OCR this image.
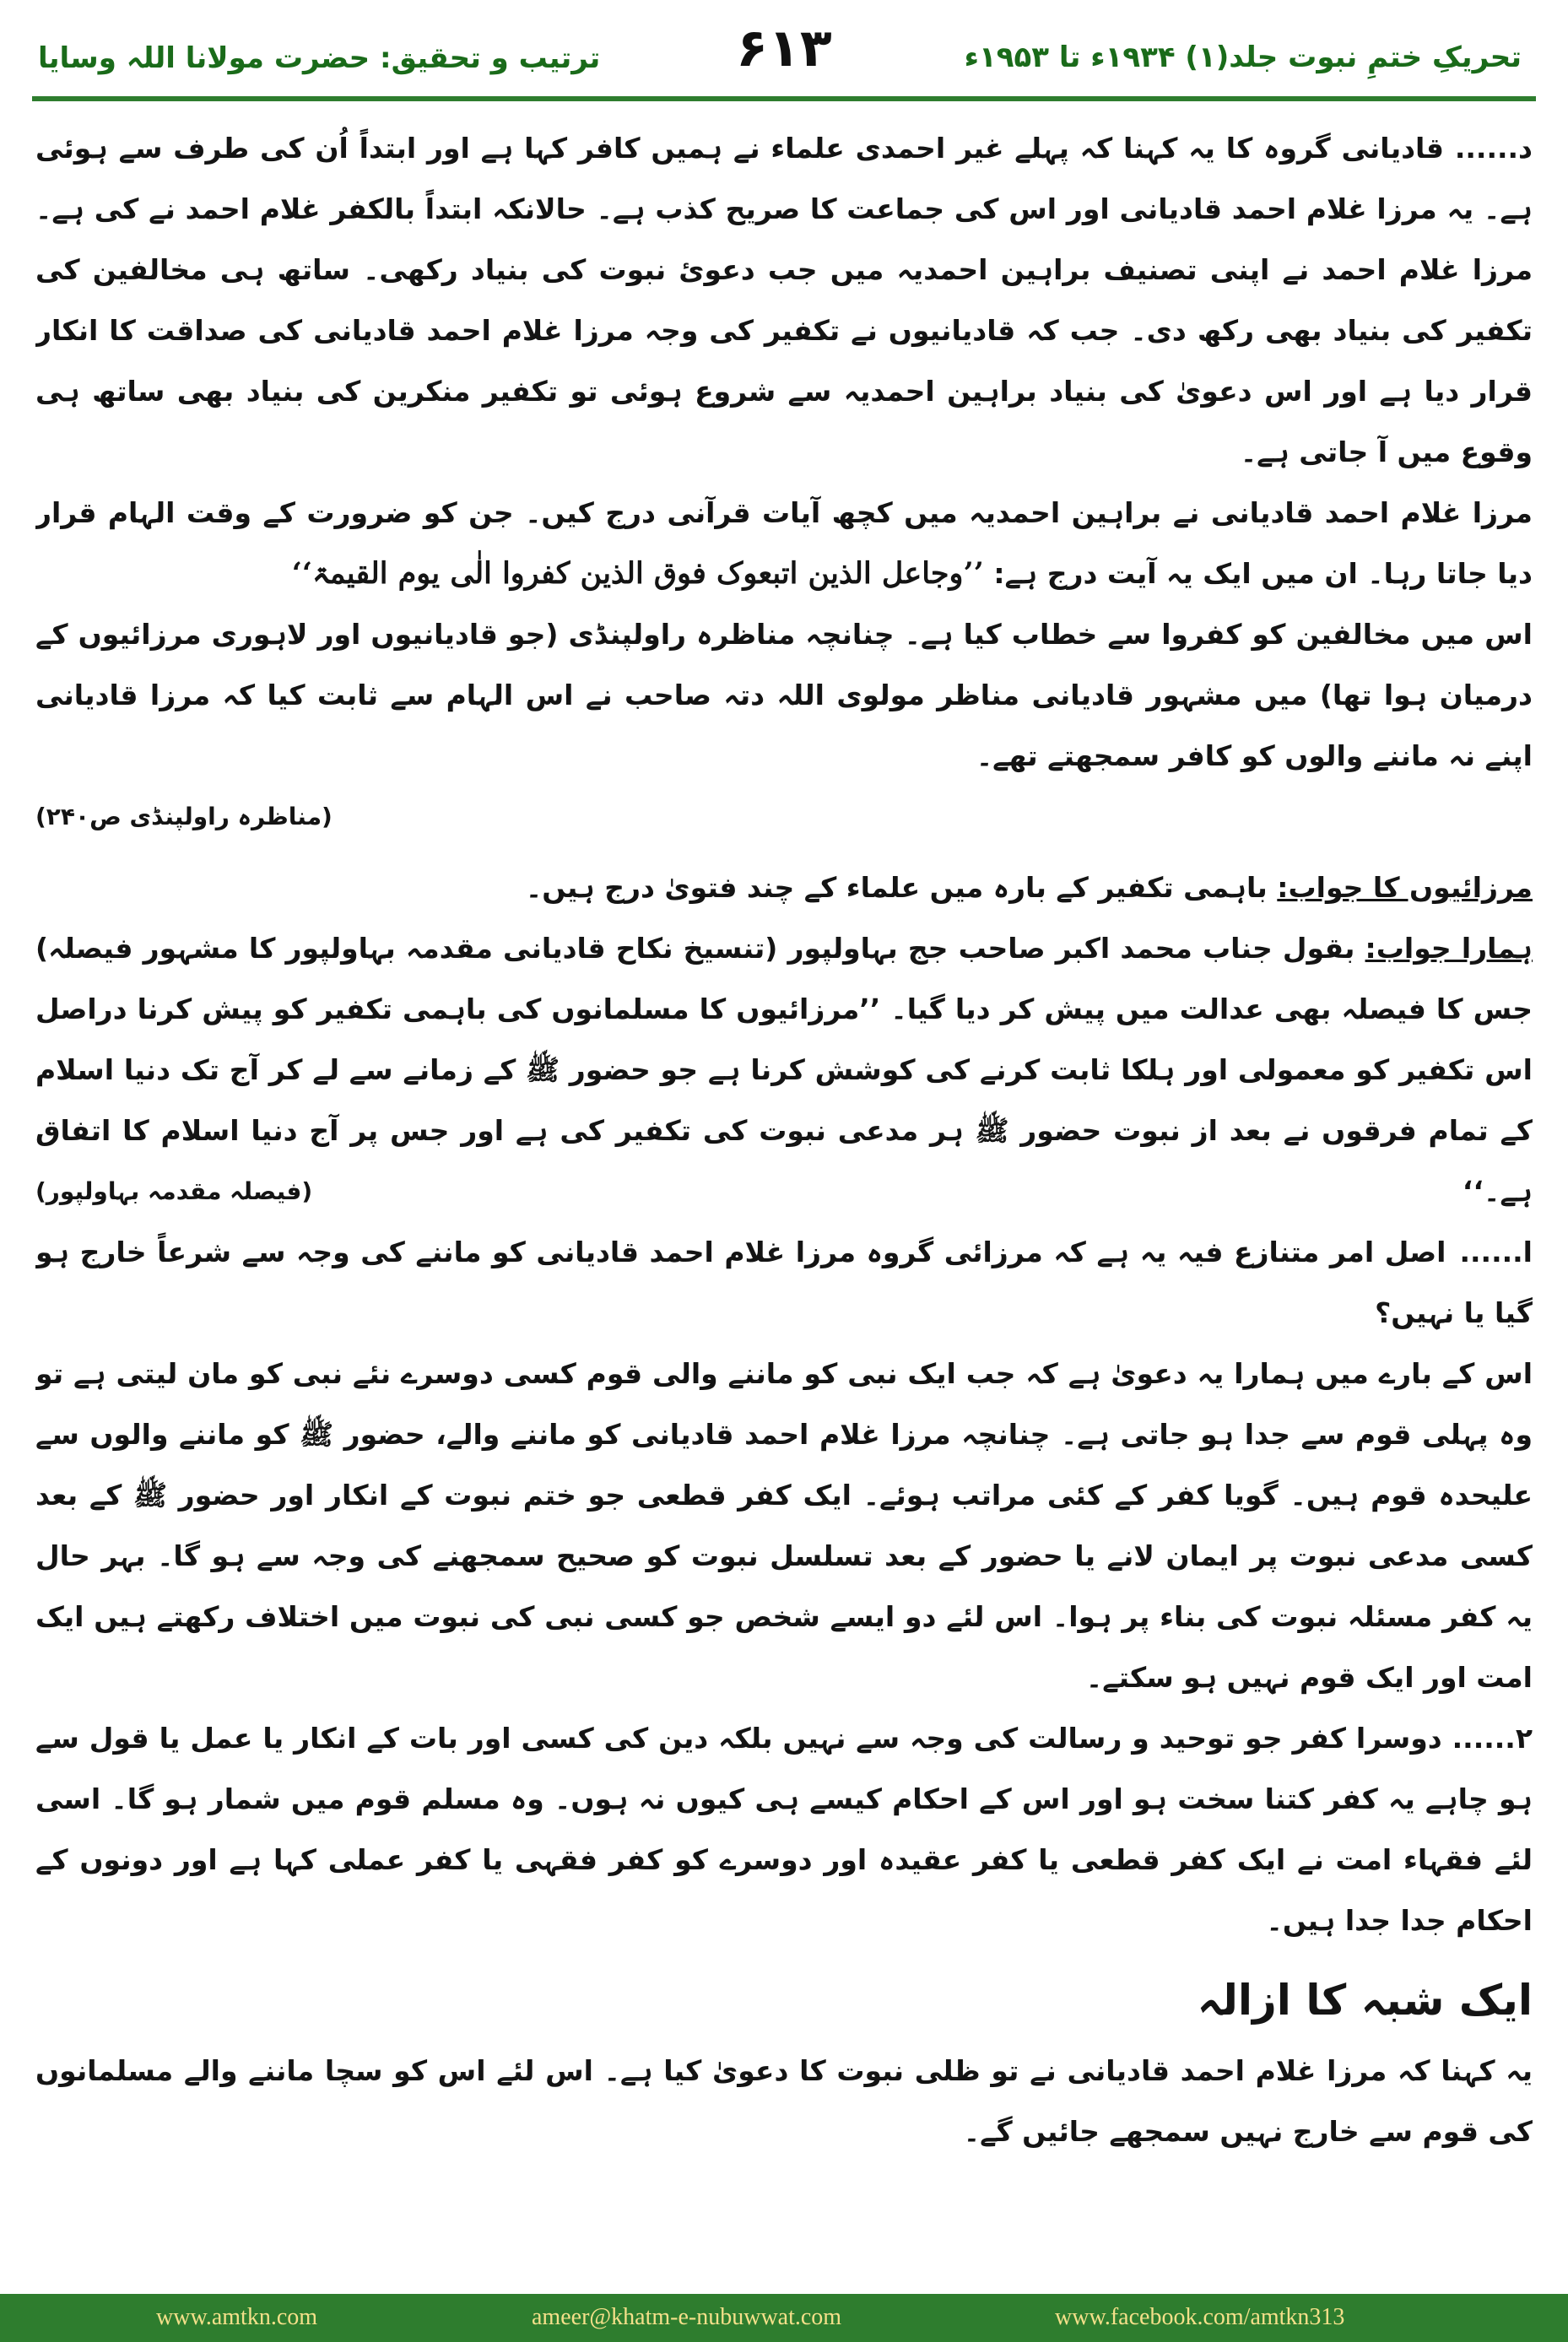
تحریکِ ختمِ نبوت جلد(۱) ۱۹۳۴ء تا ۱۹۵۳ء
۶۱۳
ترتیب و تحقیق: حضرت مولانا اللہ وسایا

د...... قادیانی گروہ کا یہ کہنا کہ پہلے غیر احمدی علماء نے ہمیں کافر کہا ہے اور ابتداً اُن کی طرف سے ہوئی ہے۔ یہ مرزا غلام احمد قادیانی اور اس کی جماعت کا صریح کذب ہے۔ حالانکہ ابتداً بالکفر غلام احمد نے کی ہے۔ مرزا غلام احمد نے اپنی تصنیف براہین احمدیہ میں جب دعویٔ نبوت کی بنیاد رکھی۔ ساتھ ہی مخالفین کی تکفیر کی بنیاد بھی رکھ دی۔ جب کہ قادیانیوں نے تکفیر کی وجہ مرزا غلام احمد قادیانی کی صداقت کا انکار قرار دیا ہے اور اس دعویٰ کی بنیاد براہین احمدیہ سے شروع ہوئی تو تکفیر منکرین کی بنیاد بھی ساتھ ہی وقوع میں آ جاتی ہے۔

مرزا غلام احمد قادیانی نے براہین احمدیہ میں کچھ آیات قرآنی درج کیں۔ جن کو ضرورت کے وقت الہام قرار دیا جاتا رہا۔ ان میں ایک یہ آیت درج ہے: ’’وجاعل الذین اتبعوک فوق الذین کفروا الٰی یوم القیمۃ‘‘

اس میں مخالفین کو کفروا سے خطاب کیا ہے۔ چنانچہ مناظرہ راولپنڈی (جو قادیانیوں اور لاہوری مرزائیوں کے درمیان ہوا تھا) میں مشہور قادیانی مناظر مولوی اللہ دتہ صاحب نے اس الہام سے ثابت کیا کہ مرزا قادیانی اپنے نہ ماننے والوں کو کافر سمجھتے تھے۔

(مناظرہ راولپنڈی ص۲۴۰)

مرزائیوں کا جواب: باہمی تکفیر کے بارہ میں علماء کے چند فتویٰ درج ہیں۔

ہمارا جواب: بقول جناب محمد اکبر صاحب جج بہاولپور (تنسیخ نکاح قادیانی مقدمہ بہاولپور کا مشہور فیصلہ) جس کا فیصلہ بھی عدالت میں پیش کر دیا گیا۔ ’’مرزائیوں کا مسلمانوں کی باہمی تکفیر کو پیش کرنا دراصل اس تکفیر کو معمولی اور ہلکا ثابت کرنے کی کوشش کرنا ہے جو حضور ﷺ کے زمانے سے لے کر آج تک دنیا اسلام کے تمام فرقوں نے بعد از نبوت حضور ﷺ ہر مدعی نبوت کی تکفیر کی ہے اور جس پر آج دنیا اسلام کا اتفاق ہے۔‘‘
(فیصلہ مقدمہ بہاولپور)

ا...... اصل امر متنازع فیہ یہ ہے کہ مرزائی گروہ مرزا غلام احمد قادیانی کو ماننے کی وجہ سے شرعاً خارج ہو گیا یا نہیں؟

اس کے بارے میں ہمارا یہ دعویٰ ہے کہ جب ایک نبی کو ماننے والی قوم کسی دوسرے نئے نبی کو مان لیتی ہے تو وہ پہلی قوم سے جدا ہو جاتی ہے۔ چنانچہ مرزا غلام احمد قادیانی کو ماننے والے، حضور ﷺ کو ماننے والوں سے علیحدہ قوم ہیں۔ گویا کفر کے کئی مراتب ہوئے۔ ایک کفر قطعی جو ختم نبوت کے انکار اور حضور ﷺ کے بعد کسی مدعی نبوت پر ایمان لانے یا حضور کے بعد تسلسل نبوت کو صحیح سمجھنے کی وجہ سے ہو گا۔ بہر حال یہ کفر مسئلہ نبوت کی بناء پر ہوا۔ اس لئے دو ایسے شخص جو کسی نبی کی نبوت میں اختلاف رکھتے ہیں ایک امت اور ایک قوم نہیں ہو سکتے۔

۲...... دوسرا کفر جو توحید و رسالت کی وجہ سے نہیں بلکہ دین کی کسی اور بات کے انکار یا عمل یا قول سے ہو چاہے یہ کفر کتنا سخت ہو اور اس کے احکام کیسے ہی کیوں نہ ہوں۔ وہ مسلم قوم میں شمار ہو گا۔ اسی لئے فقہاء امت نے ایک کفر قطعی یا کفر عقیدہ اور دوسرے کو کفر فقہی یا کفر عملی کہا ہے اور دونوں کے احکام جدا جدا ہیں۔

ایک شبہ کا ازالہ

یہ کہنا کہ مرزا غلام احمد قادیانی نے تو ظلی نبوت کا دعویٰ کیا ہے۔ اس لئے اس کو سچا ماننے والے مسلمانوں کی قوم سے خارج نہیں سمجھے جائیں گے۔

www.amtkn.com	ameer@khatm-e-nubuwwat.com	www.facebook.com/amtkn313
